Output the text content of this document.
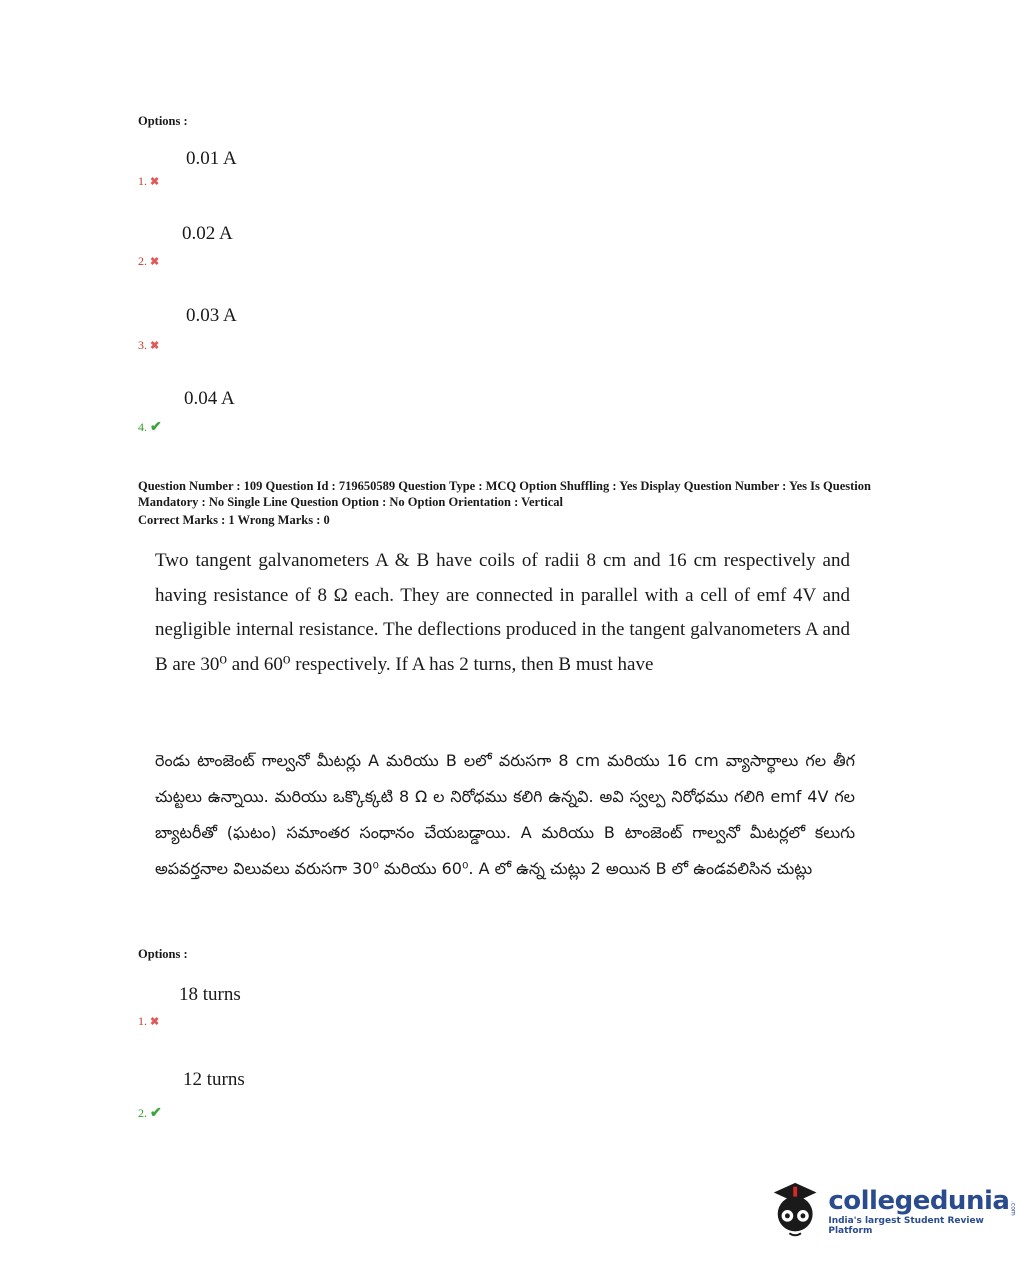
Options :
0.01 A
1. ✖
0.02 A
2. ✖
0.03 A
3. ✖
0.04 A
4. ✔
Question Number : 109 Question Id : 719650589 Question Type : MCQ Option Shuffling : Yes Display Question Number : Yes Is Question Mandatory : No Single Line Question Option : No Option Orientation : Vertical
Correct Marks : 1 Wrong Marks : 0
Two tangent galvanometers A & B have coils of radii 8 cm and 16 cm respectively and having resistance of 8 Ω each. They are connected in parallel with a cell of emf 4V and negligible internal resistance. The deflections produced in the tangent galvanometers A and B are 30⁰ and 60⁰ respectively. If A has 2 turns, then B must have
రెండు టాంజెంట్ గాల్వనో మీటర్లు A మరియు B లలో వరుసగా 8 cm మరియు 16 cm వ్యాసార్థాలు గల తీగ చుట్టలు ఉన్నాయి. మరియు ఒక్కొక్కటి 8 Ω ల నిరోధము కలిగి ఉన్నవి. అవి స్వల్ప నిరోధము గలిగి emf 4V గల బ్యాటరీతో (ఘటం) సమాంతర సంధానం చేయబడ్డాయి. A మరియు B టాంజెంట్ గాల్వనో మీటర్లలో కలుగు అపవర్తనాల విలువలు వరుసగా 30⁰ మరియు 60⁰. A లో ఉన్న చుట్లు 2 అయిన B లో ఉండవలిసిన చుట్లు
Options :
18 turns
1. ✖
12 turns
2. ✔
collegedunia .com
India's largest Student Review Platform
